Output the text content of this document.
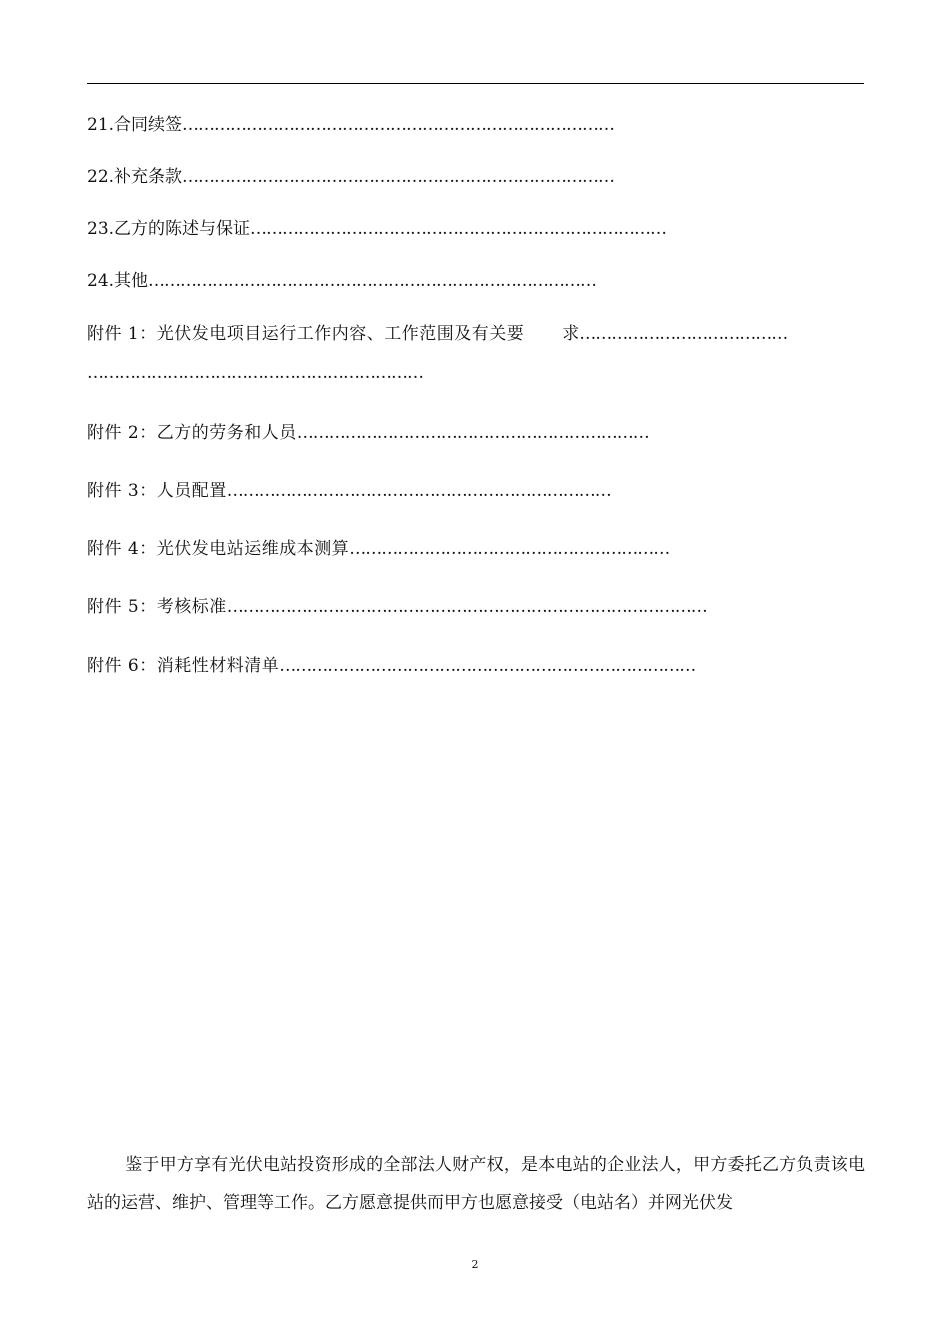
21.合同续签………………………………………………………………………
22.补充条款………………………………………………………………………
23.乙方的陈述与保证……………………………………………………………………
24.其他…………………………………………………………………………
附件 1：光伏发电项目运行工作内容、工作范围及有关要 求…………………………………
………………………………………………………
附件 2：乙方的劳务和人员…………………………………………………………
附件 3：人员配置………………………………………………………………
附件 4：光伏发电站运维成本测算……………………………………………………
附件 5：考核标准………………………………………………………………………………
附件 6：消耗性材料清单……………………………………………………………………
鉴于甲方享有光伏电站投资形成的全部法人财产权，是本电站的企业法人，甲方委托乙方负责该电站的运营、维护、管理等工作。乙方愿意提供而甲方也愿意接受（电站名）并网光伏发
2
